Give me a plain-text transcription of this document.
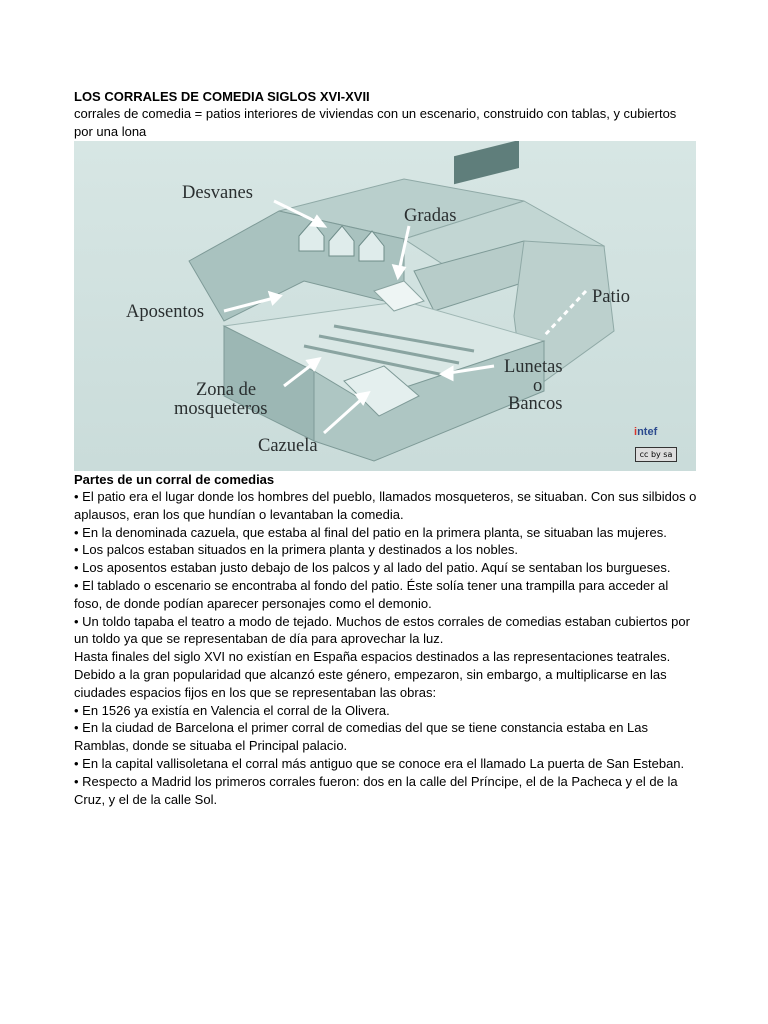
LOS CORRALES DE COMEDIA SIGLOS XVI-XVII

corrales de comedia = patios interiores de viviendas con un escenario, construido con tablas, y cubiertos por una lona

Desvanes
Gradas
Patio
Aposentos
Zona de
mosqueteros
Lunetas
o
Bancos
Cazuela
intef
cc by sa

Partes de un corral de comedias

• El patio era el lugar donde los hombres del pueblo, llamados mosqueteros, se situaban. Con sus silbidos o aplausos, eran los que hundían o levantaban la comedia.

• En la denominada cazuela, que estaba al final del patio en la primera planta, se situaban las mujeres.

• Los palcos estaban situados en la primera planta y destinados a los nobles.

• Los aposentos estaban justo debajo de los palcos y al lado del patio. Aquí se sentaban los burgueses.

• El tablado o escenario se encontraba al fondo del patio. Éste solía tener una trampilla para acceder al foso, de donde podían aparecer personajes como el demonio.

• Un toldo tapaba el teatro a modo de tejado. Muchos de estos corrales de comedias estaban cubiertos por un toldo ya que se representaban de día para aprovechar la luz.

Hasta finales del siglo XVI no existían en España espacios destinados a las representaciones teatrales. Debido a la gran popularidad que alcanzó este género, empezaron, sin embargo, a multiplicarse en las ciudades espacios fijos en los que se representaban las obras:

• En 1526 ya existía en Valencia el corral de la Olivera.

• En la ciudad de Barcelona el primer corral de comedias del que se tiene constancia estaba en Las Ramblas, donde se situaba el Principal palacio.

• En la capital vallisoletana el corral más antiguo que se conoce era el llamado La puerta de San Esteban.

• Respecto a Madrid los primeros corrales fueron: dos en la calle del Príncipe, el de la Pacheca y el de la Cruz, y el de la calle Sol.
